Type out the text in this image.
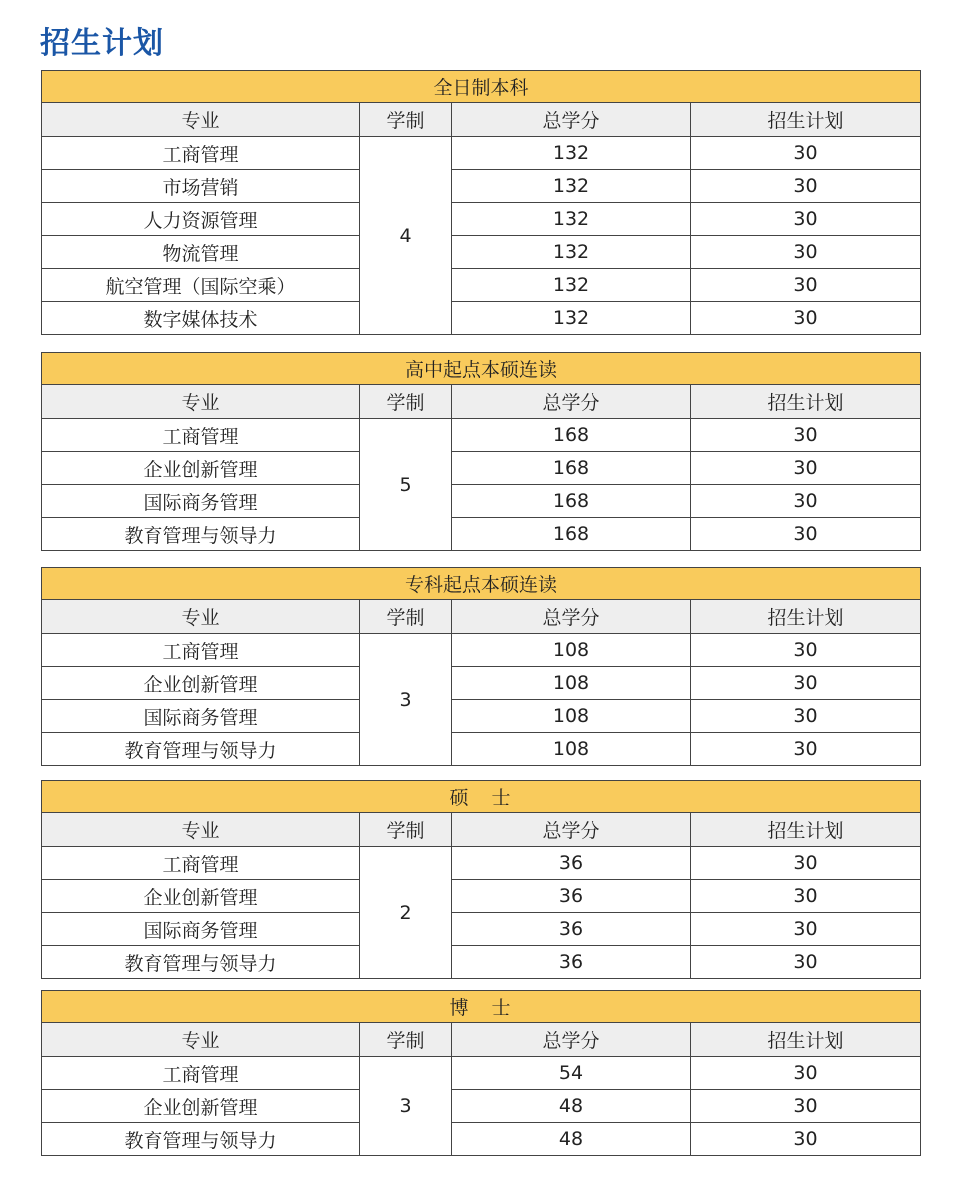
招生计划
全日制本科			
专业	学制	总学分	招生计划
工商管理	4	132	30
市场营销		132	30
人力资源管理		132	30
物流管理		132	30
航空管理（国际空乘）		132	30
数字媒体技术		132	30
高中起点本硕连读			
专业	学制	总学分	招生计划
工商管理	5	168	30
企业创新管理		168	30
国际商务管理		168	30
教育管理与领导力		168	30
专科起点本硕连读			
专业	学制	总学分	招生计划
工商管理	3	108	30
企业创新管理		108	30
国际商务管理		108	30
教育管理与领导力		108	30
硕　士			
专业	学制	总学分	招生计划
工商管理	2	36	30
企业创新管理		36	30
国际商务管理		36	30
教育管理与领导力		36	30
博　士			
专业	学制	总学分	招生计划
工商管理	3	54	30
企业创新管理		48	30
教育管理与领导力		48	30
